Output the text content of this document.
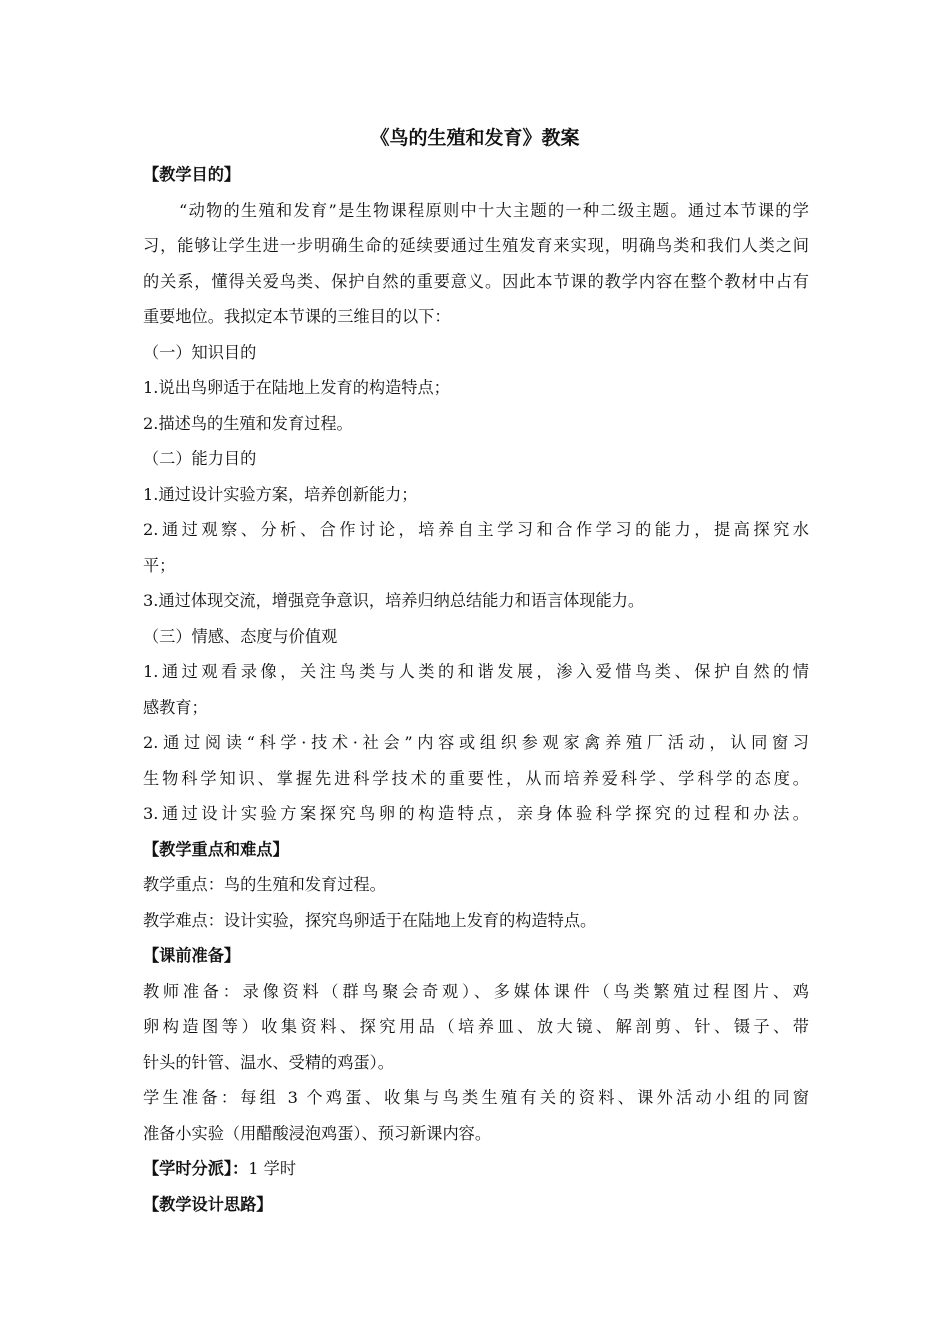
《鸟的生殖和发育》教案
【教学目的】
“动物的生殖和发育”是生物课程原则中十大主题的一种二级主题。通过本节课的学
习，能够让学生进一步明确生命的延续要通过生殖发育来实现，明确鸟类和我们人类之间
的关系，懂得关爱鸟类、保护自然的重要意义。因此本节课的教学内容在整个教材中占有
重要地位。我拟定本节课的三维目的以下：
（一）知识目的
1.说出鸟卵适于在陆地上发育的构造特点；
2.描述鸟的生殖和发育过程。
（二）能力目的
1.通过设计实验方案，培养创新能力；
2.通过观察、分析、合作讨论，培养自主学习和合作学习的能力，提高探究水
平；
3.通过体现交流，增强竞争意识，培养归纳总结能力和语言体现能力。
（三）情感、态度与价值观
1.通过观看录像，关注鸟类与人类的和谐发展，渗入爱惜鸟类、保护自然的情
感教育；
2.通过阅读“科学·技术·社会”内容或组织参观家禽养殖厂活动，认同窗习
生物科学知识、掌握先进科学技术的重要性，从而培养爱科学、学科学的态度。
3.通过设计实验方案探究鸟卵的构造特点，亲身体验科学探究的过程和办法。
【教学重点和难点】
教学重点：鸟的生殖和发育过程。
教学难点：设计实验，探究鸟卵适于在陆地上发育的构造特点。
【课前准备】
教师准备：录像资料（群鸟聚会奇观）、多媒体课件（鸟类繁殖过程图片、鸡
卵构造图等）收集资料、探究用品（培养皿、放大镜、解剖剪、针、镊子、带
针头的针管、温水、受精的鸡蛋）。
学生准备：每组 3 个鸡蛋、收集与鸟类生殖有关的资料、课外活动小组的同窗
准备小实验（用醋酸浸泡鸡蛋）、预习新课内容。
【学时分派】：1 学时
【教学设计思路】
